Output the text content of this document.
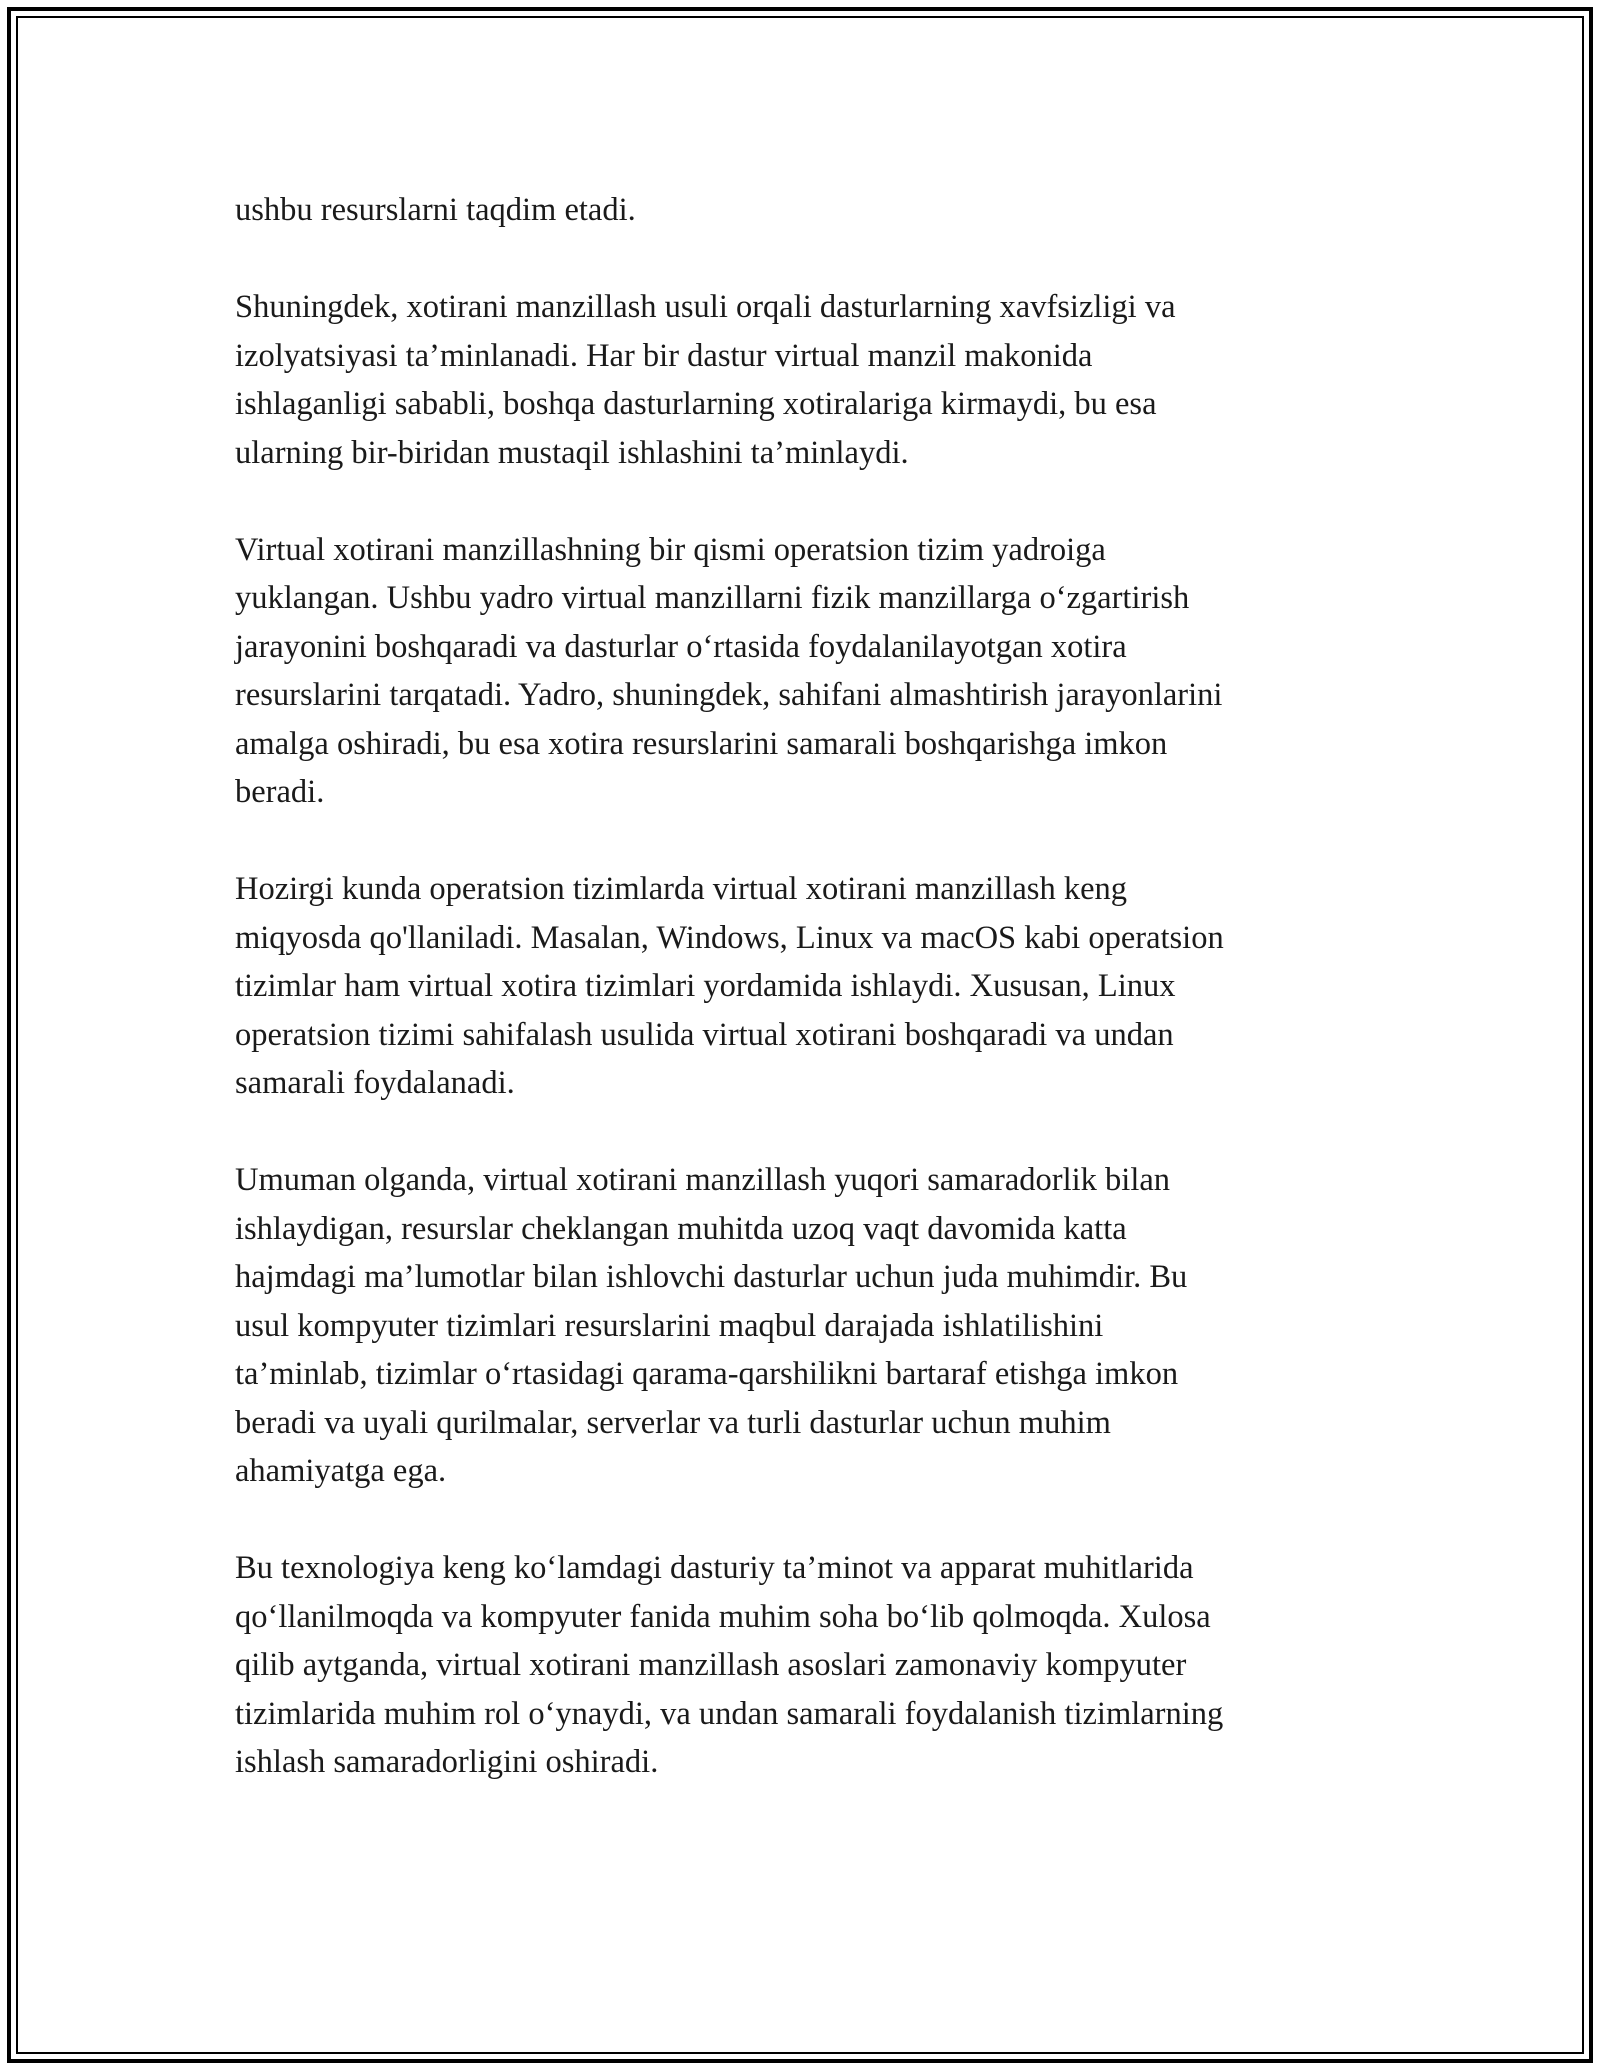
ushbu resurslarni taqdim etadi.

Shuningdek, xotirani manzillash usuli orqali dasturlarning xavfsizligi va
izolyatsiyasi ta’minlanadi. Har bir dastur virtual manzil makonida
ishlaganligi sababli, boshqa dasturlarning xotiralariga kirmaydi, bu esa
ularning bir-biridan mustaqil ishlashini ta’minlaydi.

Virtual xotirani manzillashning bir qismi operatsion tizim yadroiga
yuklangan. Ushbu yadro virtual manzillarni fizik manzillarga o‘zgartirish
jarayonini boshqaradi va dasturlar o‘rtasida foydalanilayotgan xotira
resurslarini tarqatadi. Yadro, shuningdek, sahifani almashtirish jarayonlarini
amalga oshiradi, bu esa xotira resurslarini samarali boshqarishga imkon
beradi.

Hozirgi kunda operatsion tizimlarda virtual xotirani manzillash keng
miqyosda qo'llaniladi. Masalan, Windows, Linux va macOS kabi operatsion
tizimlar ham virtual xotira tizimlari yordamida ishlaydi. Xususan, Linux
operatsion tizimi sahifalash usulida virtual xotirani boshqaradi va undan
samarali foydalanadi.

Umuman olganda, virtual xotirani manzillash yuqori samaradorlik bilan
ishlaydigan, resurslar cheklangan muhitda uzoq vaqt davomida katta
hajmdagi ma’lumotlar bilan ishlovchi dasturlar uchun juda muhimdir. Bu
usul kompyuter tizimlari resurslarini maqbul darajada ishlatilishini
ta’minlab, tizimlar o‘rtasidagi qarama-qarshilikni bartaraf etishga imkon
beradi va uyali qurilmalar, serverlar va turli dasturlar uchun muhim
ahamiyatga ega.

Bu texnologiya keng ko‘lamdagi dasturiy ta’minot va apparat muhitlarida
qo‘llanilmoqda va kompyuter fanida muhim soha bo‘lib qolmoqda. Xulosa
qilib aytganda, virtual xotirani manzillash asoslari zamonaviy kompyuter
tizimlarida muhim rol o‘ynaydi, va undan samarali foydalanish tizimlarning
ishlash samaradorligini oshiradi.
